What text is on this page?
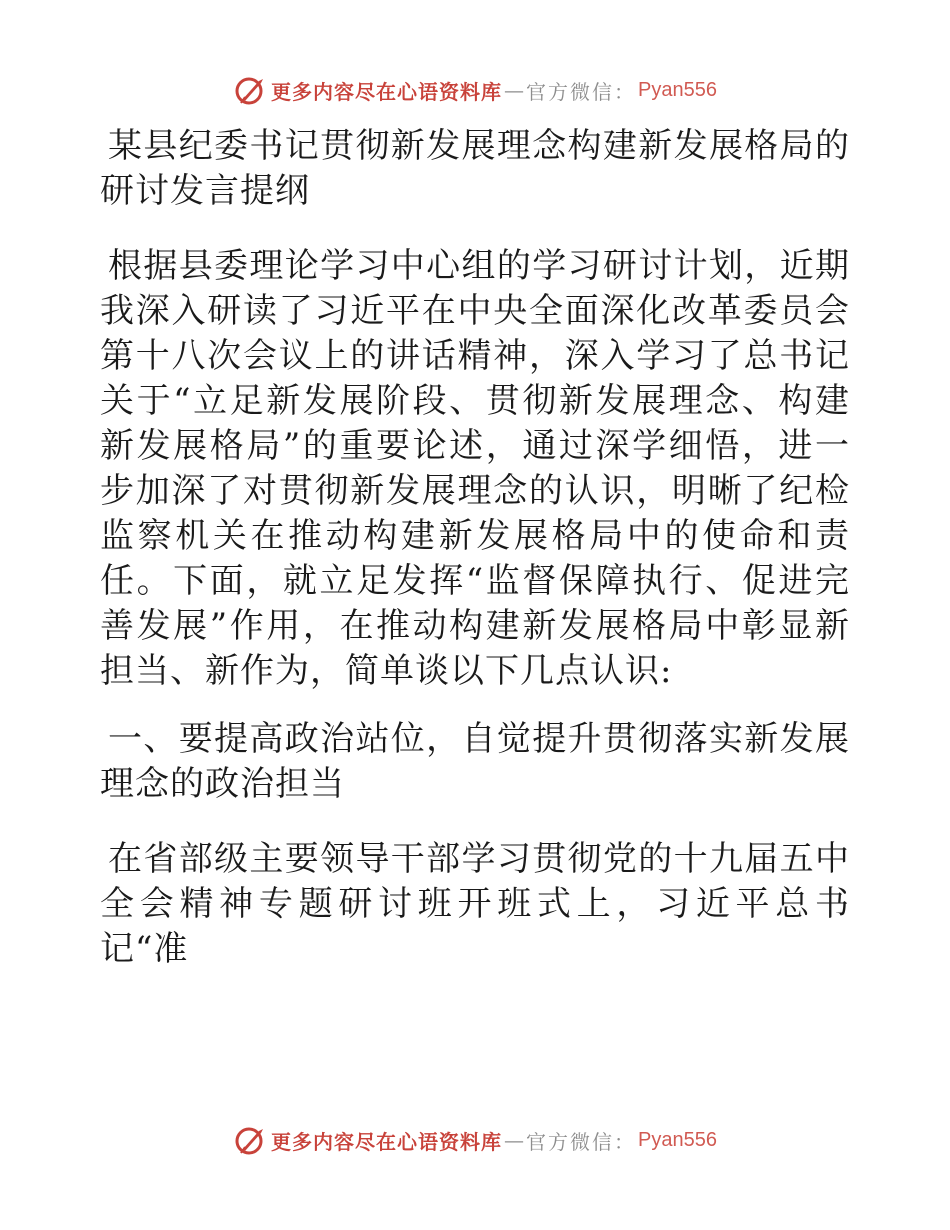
更多内容尽在心语资料库 — 官方微信： Pyan556
某县纪委书记贯彻新发展理念构建新发展格局的研讨发言提纲
根据县委理论学习中心组的学习研讨计划，近期我深入研读了习近平在中央全面深化改革委员会第十八次会议上的讲话精神，深入学习了总书记关于“立足新发展阶段、贯彻新发展理念、构建新发展格局”的重要论述，通过深学细悟，进一步加深了对贯彻新发展理念的认识，明晰了纪检监察机关在推动构建新发展格局中的使命和责任。下面，就立足发挥“监督保障执行、促进完善发展”作用，在推动构建新发展格局中彰显新担当、新作为，简单谈以下几点认识:
一、要提高政治站位，自觉提升贯彻落实新发展理念的政治担当
在省部级主要领导干部学习贯彻党的十九届五中全会精神专题研讨班开班式上，习近平总书记“准
更多内容尽在心语资料库 — 官方微信： Pyan556
